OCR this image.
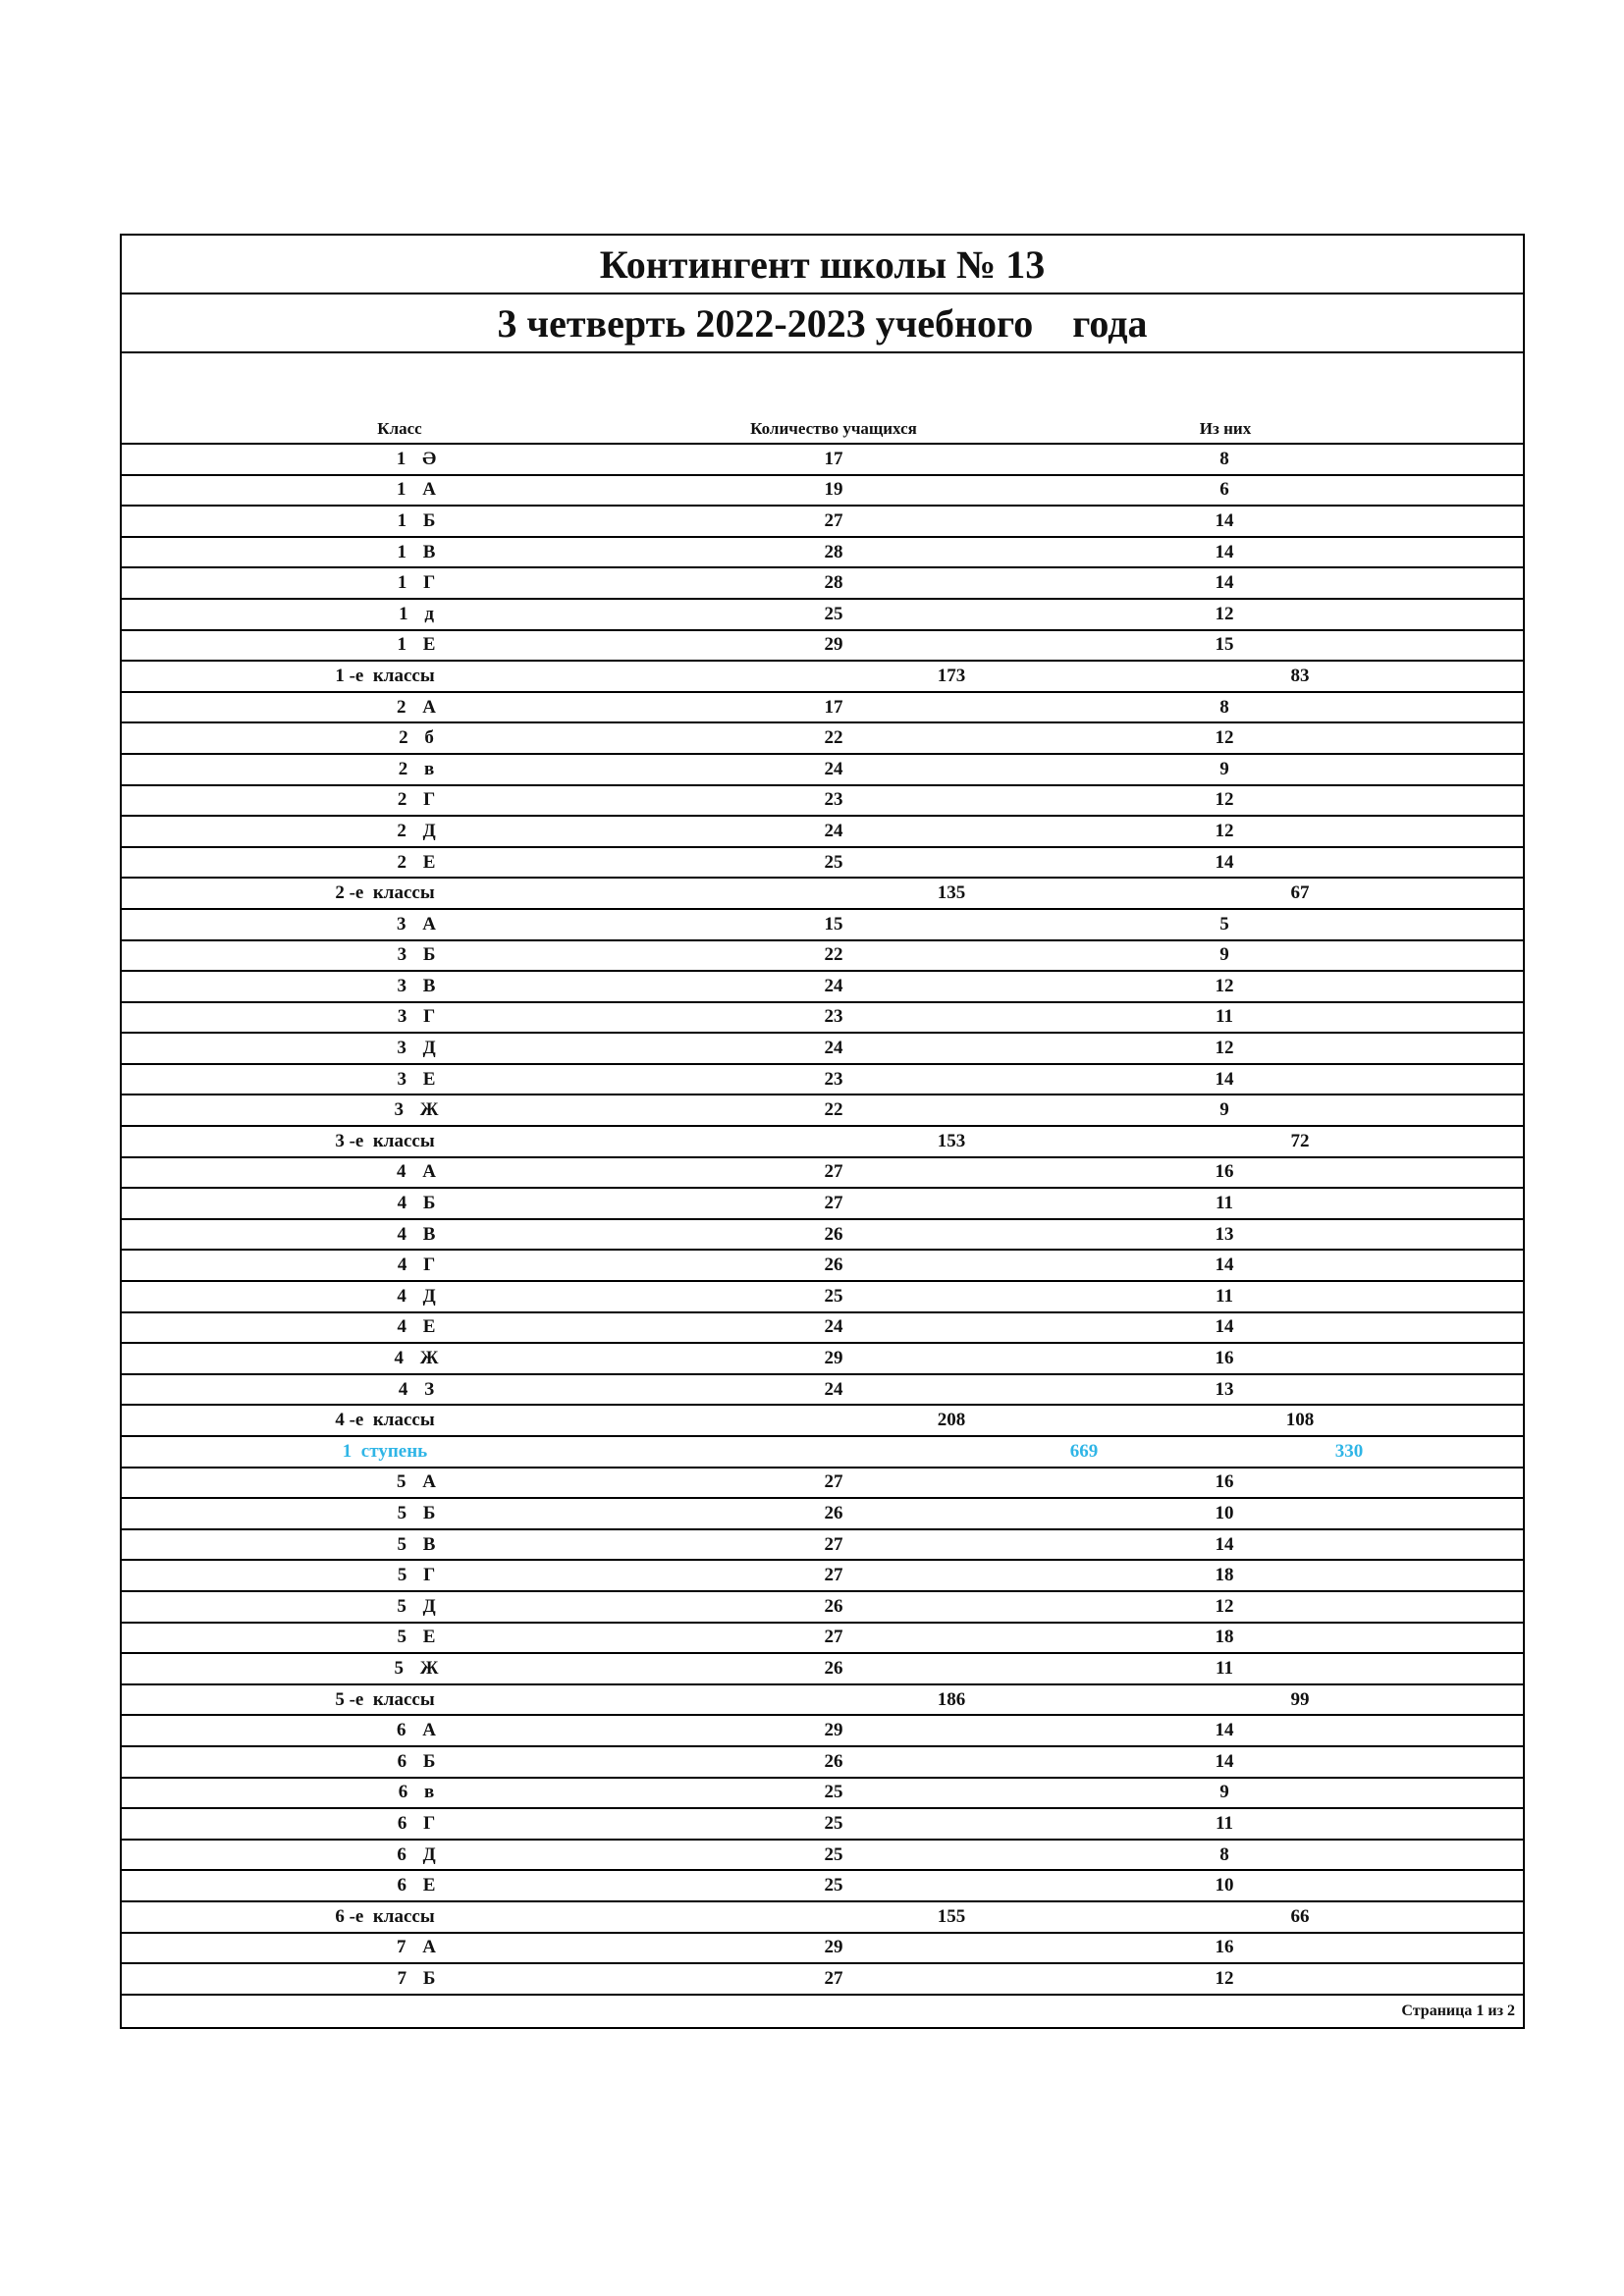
Контингент школы № 13
3 четверть 2022-2023 учебного    года
Класс	Количество учащихся	Из них
1 Ә	17	8
1 А	19	6
1 Б	27	14
1 В	28	14
1 Г	28	14
1 д	25	12
1 Е	29	15
1 -е  классы	173	83
2 А	17	8
2 б	22	12
2 в	24	9
2 Г	23	12
2 Д	24	12
2 Е	25	14
2 -е  классы	135	67
3 А	15	5
3 Б	22	9
3 В	24	12
3 Г	23	11
3 Д	24	12
3 Е	23	14
3 Ж	22	9
3 -е  классы	153	72
4 А	27	16
4 Б	27	11
4 В	26	13
4 Г	26	14
4 Д	25	11
4 Е	24	14
4 Ж	29	16
4 З	24	13
4 -е  классы	208	108
1  ступень	669	330
5 А	27	16
5 Б	26	10
5 В	27	14
5 Г	27	18
5 Д	26	12
5 Е	27	18
5 Ж	26	11
5 -е  классы	186	99
6 А	29	14
6 Б	26	14
6 в	25	9
6 Г	25	11
6 Д	25	8
6 Е	25	10
6 -е  классы	155	66
7 А	29	16
7 Б	27	12
Страница 1 из 2
